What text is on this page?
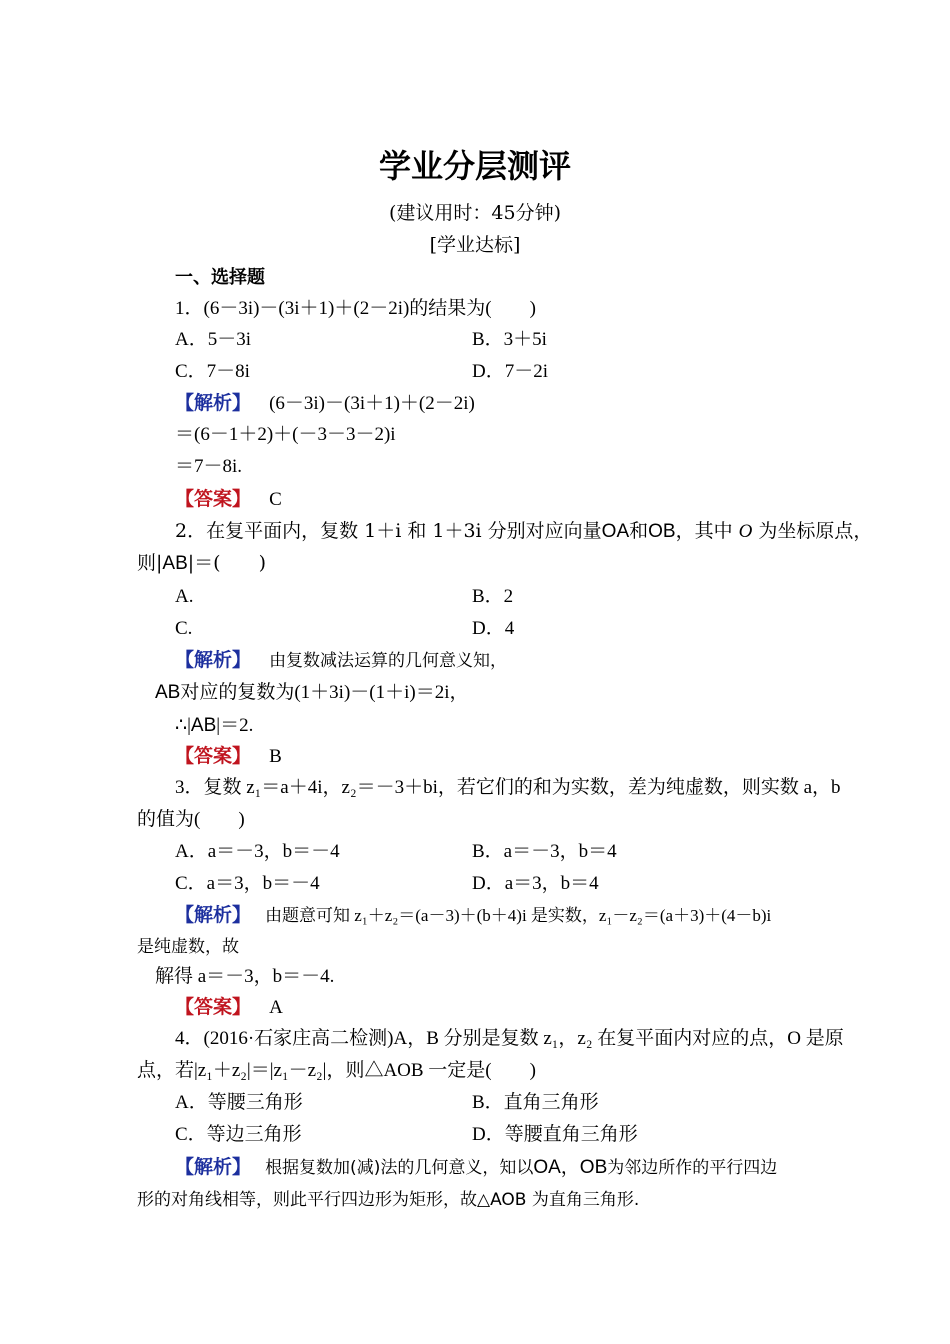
学业分层测评
(建议用时：45分钟)
[学业达标]
一、选择题
1．(6－3i)－(3i＋1)＋(2－2i)的结果为(　　)
A．5－3i	B．3＋5i
C．7－8i	D．7－2i
【解析】 (6－3i)－(3i＋1)＋(2－2i)
＝(6－1＋2)＋(－3－3－2)i
＝7－8i.
【答案】 C
2．在复平面内，复数 1＋i 和 1＋3i 分别对应向量OA和OB，其中 O 为坐标原点，
则|AB|＝(　　)
A.	B．2
C.	D．4
【解析】 由复数减法运算的几何意义知，
AB对应的复数为(1＋3i)－(1＋i)＝2i，
∴|AB|＝2.
【答案】 B
3．复数 z₁＝a＋4i，z₂＝－3＋bi，若它们的和为实数，差为纯虚数，则实数 a，b
的值为(　　)
A．a＝－3，b＝－4	B．a＝－3，b＝4
C．a＝3，b＝－4	D．a＝3，b＝4
【解析】 由题意可知 z₁＋z₂＝(a－3)＋(b＋4)i 是实数，z₁－z₂＝(a＋3)＋(4－b)i
是纯虚数，故
解得 a＝－3，b＝－4.
【答案】 A
4．(2016·石家庄高二检测)A，B 分别是复数 z₁，z₂ 在复平面内对应的点，O 是原
点，若|z₁＋z₂|＝|z₁－z₂|，则△AOB 一定是(　　)
A．等腰三角形	B．直角三角形
C．等边三角形	D．等腰直角三角形
【解析】 根据复数加(减)法的几何意义，知以OA，OB为邻边所作的平行四边
形的对角线相等，则此平行四边形为矩形，故△AOB 为直角三角形.
